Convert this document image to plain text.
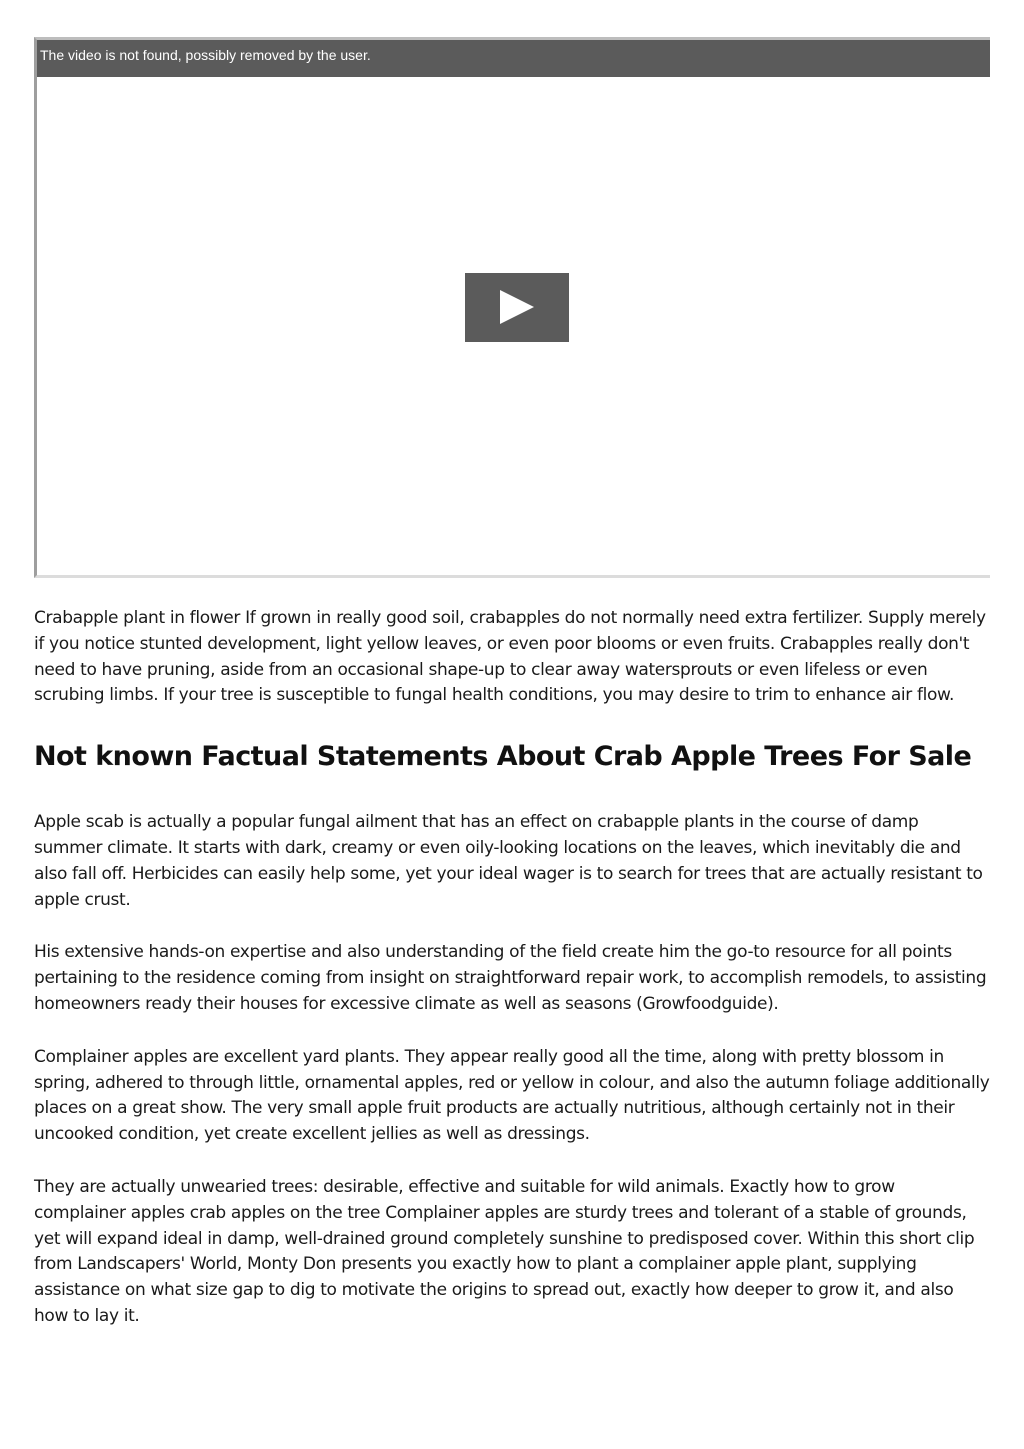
The video is not found, possibly removed by the user.

Crabapple plant in flower If grown in really good soil, crabapples do not normally need extra fertilizer. Supply merely if you notice stunted development, light yellow leaves, or even poor blooms or even fruits. Crabapples really don't need to have pruning, aside from an occasional shape-up to clear away watersprouts or even lifeless or even scrubing limbs. If your tree is susceptible to fungal health conditions, you may desire to trim to enhance air flow.

Not known Factual Statements About Crab Apple Trees For Sale

Apple scab is actually a popular fungal ailment that has an effect on crabapple plants in the course of damp summer climate. It starts with dark, creamy or even oily-looking locations on the leaves, which inevitably die and also fall off. Herbicides can easily help some, yet your ideal wager is to search for trees that are actually resistant to apple crust.

His extensive hands-on expertise and also understanding of the field create him the go-to resource for all points pertaining to the residence coming from insight on straightforward repair work, to accomplish remodels, to assisting homeowners ready their houses for excessive climate as well as seasons (Growfoodguide).

Complainer apples are excellent yard plants. They appear really good all the time, along with pretty blossom in spring, adhered to through little, ornamental apples, red or yellow in colour, and also the autumn foliage additionally places on a great show. The very small apple fruit products are actually nutritious, although certainly not in their uncooked condition, yet create excellent jellies as well as dressings.

They are actually unwearied trees: desirable, effective and suitable for wild animals. Exactly how to grow complainer apples crab apples on the tree Complainer apples are sturdy trees and tolerant of a stable of grounds, yet will expand ideal in damp, well-drained ground completely sunshine to predisposed cover. Within this short clip from Landscapers' World, Monty Don presents you exactly how to plant a complainer apple plant, supplying assistance on what size gap to dig to motivate the origins to spread out, exactly how deeper to grow it, and also how to lay it.
